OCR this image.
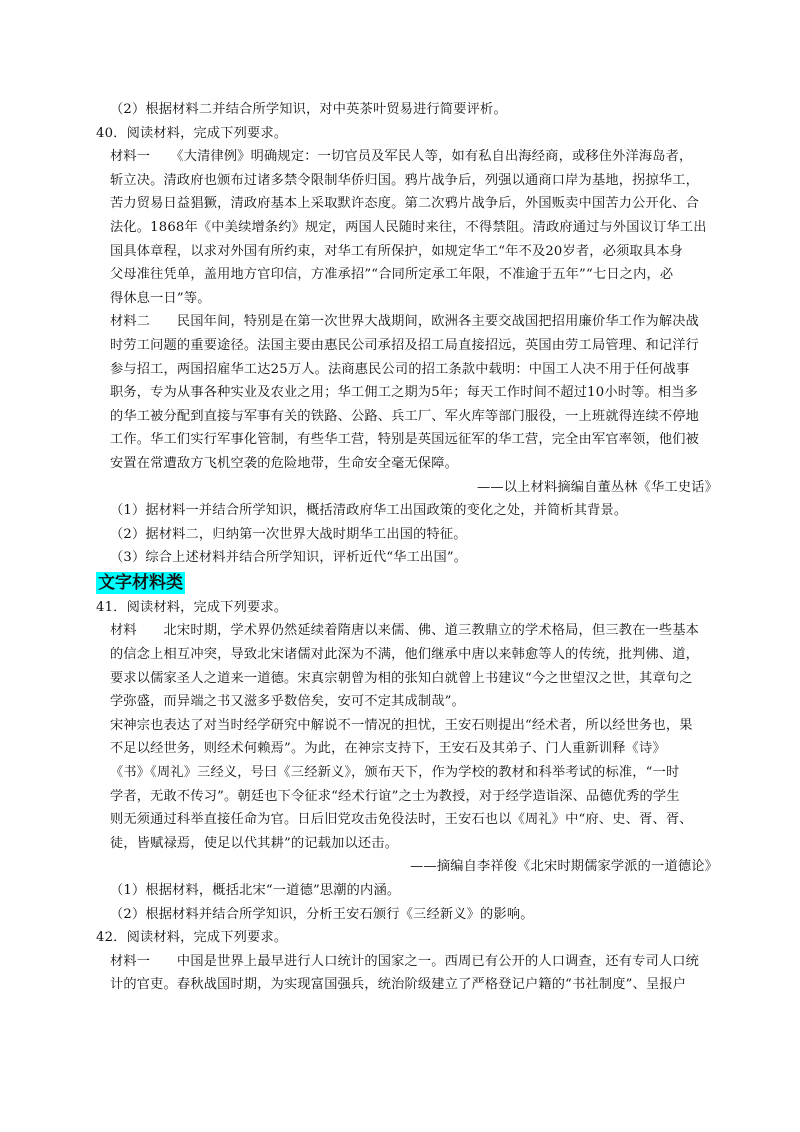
（2）根据材料二并结合所学知识，对中英茶叶贸易进行简要评析。
40．阅读材料，完成下列要求。
材料一　　《大清律例》明确规定：一切官员及军民人等，如有私自出海经商，或移住外洋海岛者，
斩立决。清政府也颁布过诸多禁令限制华侨归国。鸦片战争后，列强以通商口岸为基地，拐掠华工，
苦力贸易日益猖獗，清政府基本上采取默许态度。第二次鸦片战争后，外国贩卖中国苦力公开化、合
法化。1868年《中美续增条约》规定，两国人民随时来往，不得禁阻。清政府通过与外国议订华工出
国具体章程，以求对外国有所约束，对华工有所保护，如规定华工“年不及20岁者，必须取具本身
父母准往凭单，盖用地方官印信，方准承招”“合同所定承工年限，不准逾于五年”“七日之内，必
得休息一日”等。
材料二　　民国年间，特别是在第一次世界大战期间，欧洲各主要交战国把招用廉价华工作为解决战
时劳工问题的重要途径。法国主要由惠民公司承招及招工局直接招远，英国由劳工局管理、和记洋行
参与招工，两国招雇华工达25万人。法商惠民公司的招工条款中载明：中国工人决不用于任何战事
职务，专为从事各种实业及农业之用；华工佣工之期为5年；每天工作时间不超过10小时等。相当多
的华工被分配到直接与军事有关的铁路、公路、兵工厂、军火库等部门服役，一上班就得连续不停地
工作。华工们实行军事化管制，有些华工营，特别是英国远征军的华工营，完全由军官率领，他们被
安置在常遭敌方飞机空袭的危险地带，生命安全毫无保障。
——以上材料摘编自董丛林《华工史话》
（1）据材料一并结合所学知识，概括清政府华工出国政策的变化之处，并简析其背景。
（2）据材料二，归纳第一次世界大战时期华工出国的特征。
（3）综合上述材料并结合所学知识，评析近代“华工出国”。
文字材料类
41．阅读材料，完成下列要求。
材料　　北宋时期，学术界仍然延续着隋唐以来儒、佛、道三教鼎立的学术格局，但三教在一些基本
的信念上相互冲突，导致北宋诸儒对此深为不满，他们继承中唐以来韩愈等人的传统，批判佛、道，
要求以儒家圣人之道来一道德。宋真宗朝曾为相的张知白就曾上书建议“今之世望汉之世，其章句之
学弥盛，而异端之书又滋多乎数倍矣，安可不定其成制哉”。
宋神宗也表达了对当时经学研究中解说不一情况的担忧，王安石则提出“经术者，所以经世务也，果
不足以经世务，则经术何赖焉”。为此，在神宗支持下，王安石及其弟子、门人重新训释《诗》
《书》《周礼》三经义，号曰《三经新义》，颁布天下，作为学校的教材和科举考试的标准，“一时
学者，无敢不传习”。朝廷也下令征求“经术行谊”之士为教授，对于经学造诣深、品德优秀的学生
则无须通过科举直接任命为官。日后旧党攻击免役法时，王安石也以《周礼》中“府、史、胥、胥、
徒，皆赋禄焉，使足以代其耕”的记载加以还击。
——摘编自李祥俊《北宋时期儒家学派的一道德论》
（1）根据材料，概括北宋“一道德”思潮的内涵。
（2）根据材料并结合所学知识，分析王安石颁行《三经新义》的影响。
42．阅读材料，完成下列要求。
材料一　　中国是世界上最早进行人口统计的国家之一。西周已有公开的人口调查，还有专司人口统
计的官吏。春秋战国时期，为实现富国强兵，统治阶级建立了严格登记户籍的“书社制度”、呈报户
